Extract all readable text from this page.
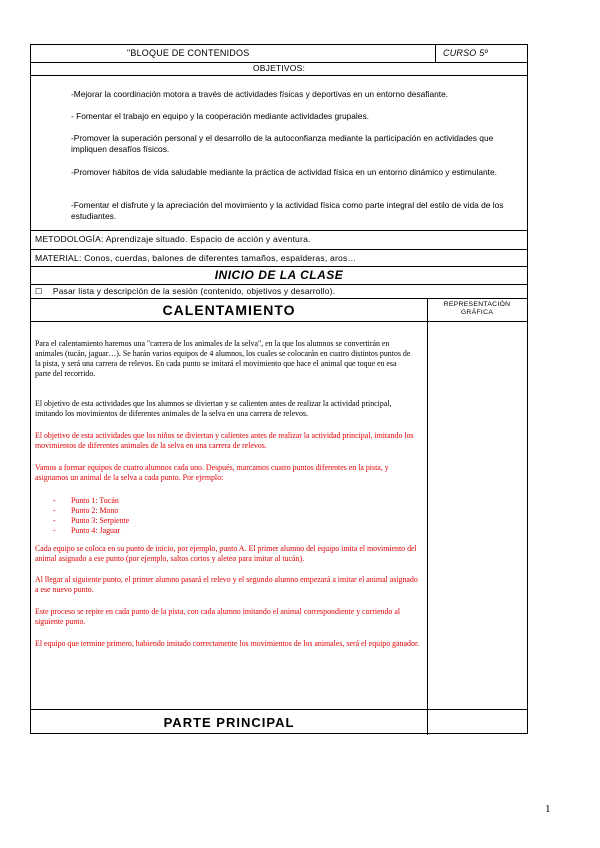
"BLOQUE DE CONTENIDOS	CURSO 5º
OBJETIVOS:
-Mejorar la coordinación motora a través de actividades físicas y deportivas en un entorno desafiante.
- Fomentar el trabajo en equipo y la cooperación mediante actividades grupales.
-Promover la superación personal y el desarrollo de la autoconfianza mediante la participación en actividades que impliquen desafíos físicos.
-Promover hábitos de vida saludable mediante la práctica de actividad física en un entorno dinámico y estimulante.
-Fomentar el disfrute y la apreciación del movimiento y la actividad física como parte integral del estilo de vida de los estudiantes.
METODOLOGÍA: Aprendizaje situado. Espacio de acción y aventura.
MATERIAL: Conos, cuerdas, balones de diferentes tamaños, espalderas, aros…
INICIO DE LA CLASE
☐ Pasar lista y descripción de la sesión (contenido, objetivos y desarrollo).
CALENTAMIENTO	REPRESENTACIÓN GRÁFICA
Para el calentamiento haremos una "carrera de los animales de la selva", en la que los alumnos se convertirán en animales (tucán, jaguar…). Se harán varios equipos de 4 alumnos, los cuales se colocarán en cuatro distintos puntos de la pista, y será una carrera de relevos. En cada punto se imitará el movimiento que hace el animal que toque en esa parte del recorrido.
El objetivo de esta actividades que los alumnos se diviertan y se calienten antes de realizar la actividad principal, imitando los movimientos de diferentes animales de la selva en una carrera de relevos.
El objetivo de esta actividades que los niños se diviertan y calientes antes de realizar la actividad principal, imitando los movimientos de diferentes animales de la selva en una carrera de relevos.
Vamos a formar equipos de cuatro alumnos cada uno. Después, marcamos cuatro puntos diferentes en la pista, y asignamos un animal de la selva a cada punto. Por ejemplo:
- Punto 1: Tucán
- Punto 2: Mono
- Punto 3: Serpiente
- Punto 4: Jaguar
Cada equipo se coloca en su punto de inicio, por ejemplo, punto A. El primer alumno del equipo imita el movimiento del animal asignado a ese punto (por ejemplo, saltos cortos y aleteo para imitar al tucán).
Al llegar al siguiente punto, el primer alumno pasará el relevo y el segundo alumno empezará a imitar el animal asignado a ese nuevo punto.
Este proceso se repite en cada punto de la pista, con cada alumno imitando el animal correspondiente y corriendo al siguiente punto.
El equipo que termine primero, habiendo imitado correctamente los movimientos de los animales, será el equipo ganador.
PARTE PRINCIPAL
1
